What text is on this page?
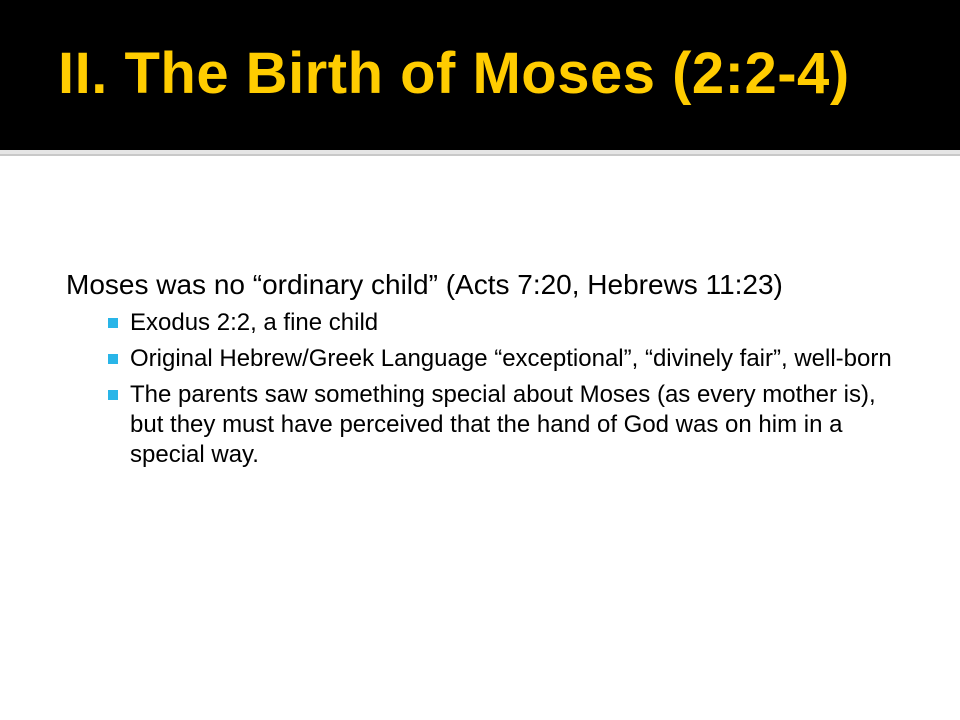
II. The Birth of Moses (2:2-4)

Moses was no “ordinary child” (Acts 7:20, Hebrews 11:23)

Exodus 2:2, a fine child
Original Hebrew/Greek Language “exceptional”, “divinely fair”, well-born
The parents saw something special about Moses (as every mother is), but they must have perceived that the hand of God was on him in a special way.
